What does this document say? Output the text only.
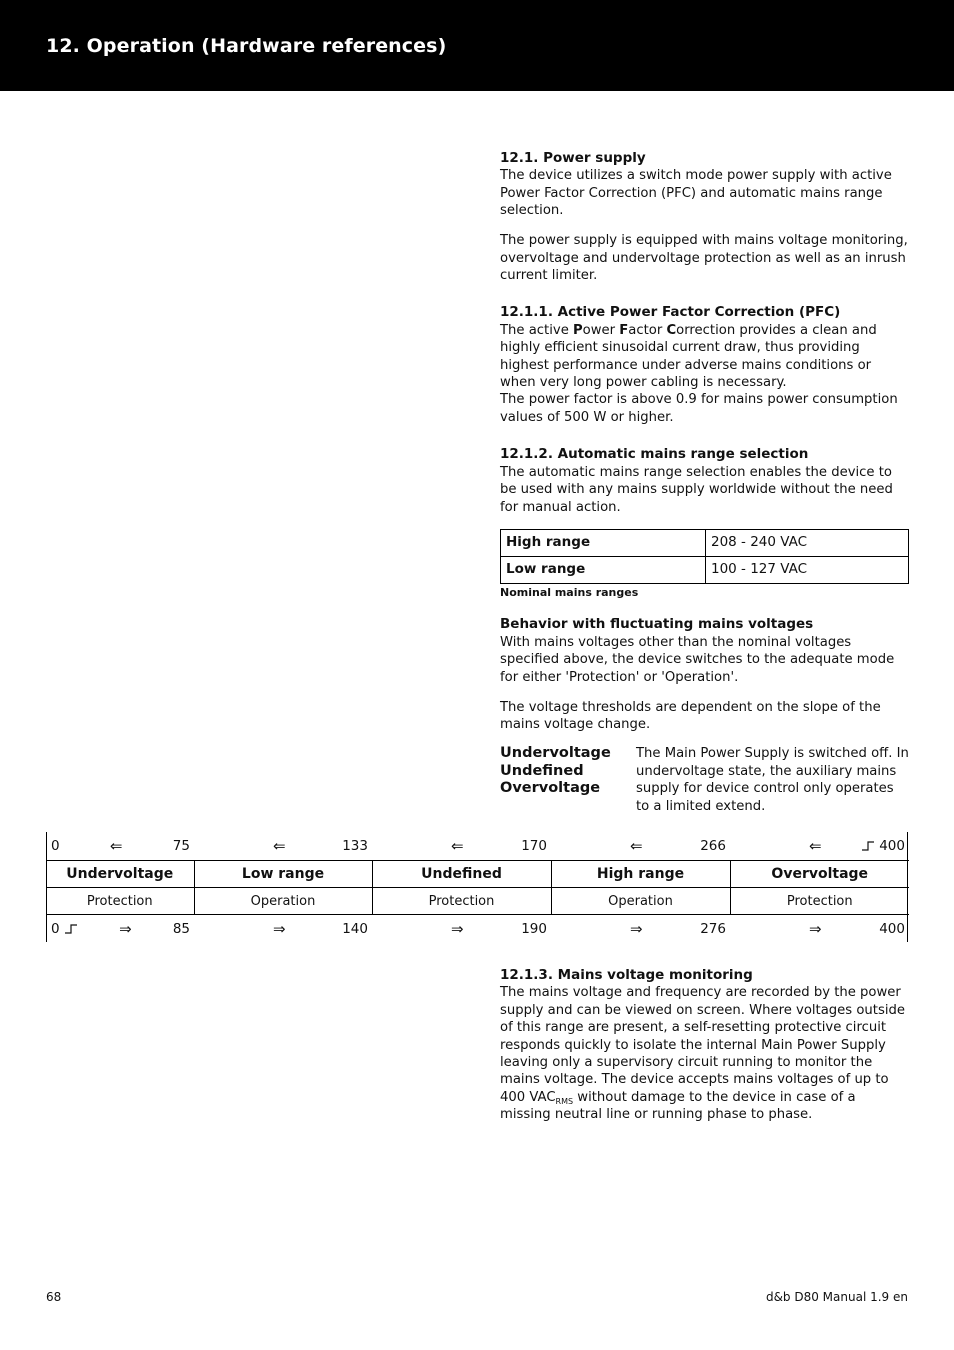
12. Operation (Hardware references)

12.1. Power supply

The device utilizes a switch mode power supply with active Power Factor Correction (PFC) and automatic mains range selection.

The power supply is equipped with mains voltage monitoring, overvoltage and undervoltage protection as well as an inrush current limiter.

12.1.1. Active Power Factor Correction (PFC)

The active Power Factor Correction provides a clean and highly efficient sinusoidal current draw, thus providing highest performance under adverse mains conditions or when very long power cabling is necessary.

The power factor is above 0.9 for mains power consumption values of 500 W or higher.

12.1.2. Automatic mains range selection

The automatic mains range selection enables the device to be used with any mains supply worldwide without the need for manual action.

High range	208 - 240 VAC
Low range	100 - 127 VAC

Nominal mains ranges

Behavior with fluctuating mains voltages

With mains voltages other than the nominal voltages specified above, the device switches to the adequate mode for either 'Protection' or 'Operation'.

The voltage thresholds are dependent on the slope of the mains voltage change.

Undervoltage
Undefined
Overvoltage
The Main Power Supply is switched off. In undervoltage state, the auxiliary mains supply for device control only operates to a limited extend.
0 ⇐ 75	⇐ 133	⇐ 170	⇐ 266	⇐ 400

Undervoltage	Low range	Undefined	High range	Overvoltage
Protection	Operation	Protection	Operation	Protection

0 ⇒ 85	⇒ 140	⇒ 190	⇒ 276	⇒ 400

12.1.3. Mains voltage monitoring

The mains voltage and frequency are recorded by the power supply and can be viewed on screen. Where voltages outside of this range are present, a self-resetting protective circuit responds quickly to isolate the internal Main Power Supply leaving only a supervisory circuit running to monitor the mains voltage. The device accepts mains voltages of up to 400 $VAC_{RMS}$ without damage to the device in case of a missing neutral line or running phase to phase.

68	d&b D80 Manual 1.9 en
